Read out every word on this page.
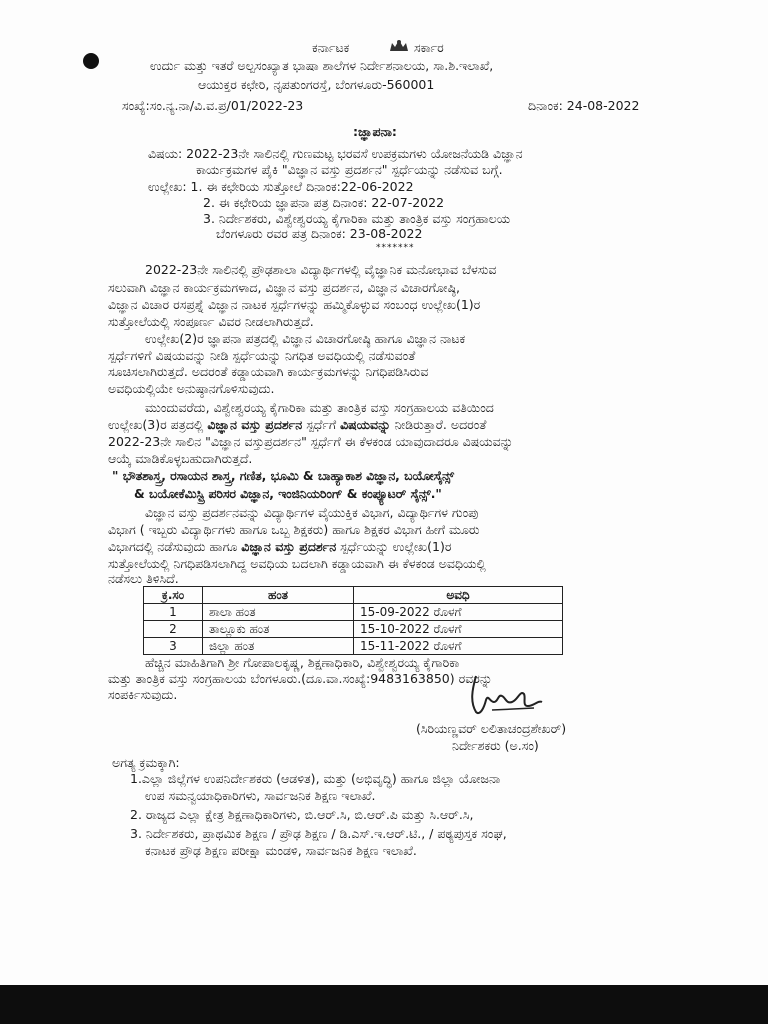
ಕರ್ನಾಟಕ	ಸರ್ಕಾರ
ಉರ್ದು ಮತ್ತು ಇತರೆ ಅಲ್ಪಸಂಖ್ಯಾತ ಭಾಷಾ ಶಾಲೆಗಳ ನಿರ್ದೇಶನಾಲಯ, ಸಾ.ಶಿ.ಇಲಾಖೆ,
ಆಯುಕ್ತರ ಕಛೇರಿ, ನೃಪತುಂಗರಸ್ತೆ, ಬೆಂಗಳೂರು-560001
ಸಂಖ್ಯೆ:ಸಂ.ನ್ಯ.ನಾ/ವಿ.ವ.ಪ್ರ/01/2022-23	ದಿನಾಂಕ: 24-08-2022
:ಜ್ಞಾಪನಾ:
ವಿಷಯ: 2022-23ನೇ ಸಾಲಿನಲ್ಲಿ ಗುಣಮಟ್ಟ ಭರವಸೆ ಉಪಕ್ರಮಗಳು ಯೋಜನೆಯಡಿ ವಿಜ್ಞಾನ
ಕಾರ್ಯಕ್ರಮಗಳ ಪೈಕಿ "ವಿಜ್ಞಾನ ವಸ್ತು ಪ್ರದರ್ಶನ" ಸ್ಪರ್ಧೆಯನ್ನು ನಡೆಸುವ ಬಗ್ಗೆ.
ಉಲ್ಲೇಖ: 1. ಈ ಕಛೇರಿಯ ಸುತ್ತೋಲೆ ದಿನಾಂಕ:22-06-2022
2. ಈ ಕಛೇರಿಯ ಜ್ಞಾಪನಾ ಪತ್ರ ದಿನಾಂಕ: 22-07-2022
3. ನಿರ್ದೇಶಕರು, ವಿಶ್ವೇಶ್ವರಯ್ಯ ಕೈಗಾರಿಕಾ ಮತ್ತು ತಾಂತ್ರಿಕ ವಸ್ತು ಸಂಗ್ರಹಾಲಯ
ಬೆಂಗಳೂರು ರವರ ಪತ್ರ ದಿನಾಂಕ: 23-08-2022
*******
2022-23ನೇ ಸಾಲಿನಲ್ಲಿ ಪ್ರೌಢಶಾಲಾ ವಿದ್ಯಾರ್ಥಿಗಳಲ್ಲಿ ವೈಜ್ಞಾನಿಕ ಮನೋಭಾವ ಬೆಳಸುವ
ಸಲುವಾಗಿ ವಿಜ್ಞಾನ ಕಾರ್ಯಕ್ರಮಗಳಾದ, ವಿಜ್ಞಾನ ವಸ್ತು ಪ್ರದರ್ಶನ, ವಿಜ್ಞಾನ ವಿಚಾರಗೋಷ್ಠಿ,
ವಿಜ್ಞಾನ ವಿಚಾರ ರಸಪ್ರಶ್ನೆ ವಿಜ್ಞಾನ ನಾಟಕ ಸ್ಪರ್ಧೆಗಳನ್ನು ಹಮ್ಮಿಕೊಳ್ಳುವ ಸಂಬಂಧ ಉಲ್ಲೇಖ(1)ರ
ಸುತ್ತೋಲೆಯಲ್ಲಿ ಸಂಪೂರ್ಣ ವಿವರ ನೀಡಲಾಗಿರುತ್ತದೆ.
ಉಲ್ಲೇಖ(2)ರ ಜ್ಞಾಪನಾ ಪತ್ರದಲ್ಲಿ ವಿಜ್ಞಾನ ವಿಚಾರಗೋಷ್ಠಿ ಹಾಗೂ ವಿಜ್ಞಾನ ನಾಟಕ
ಸ್ಪರ್ಧೆಗಳಿಗೆ ವಿಷಯವನ್ನು ನೀಡಿ ಸ್ಪರ್ಧೆಯನ್ನು ನಿಗಧಿತ ಅವಧಿಯಲ್ಲಿ ನಡೆಸುವಂತೆ
ಸೂಚಿಸಲಾಗಿರುತ್ತದೆ. ಅದರಂತೆ ಕಡ್ಡಾಯವಾಗಿ ಕಾರ್ಯಕ್ರಮಗಳನ್ನು ನಿಗಧಿಪಡಿಸಿರುವ
ಅವಧಿಯಲ್ಲಿಯೇ ಅನುಷ್ಠಾನಗೊಳಿಸುವುದು.
ಮುಂದುವರೆದು, ವಿಶ್ವೇಶ್ವರಯ್ಯ ಕೈಗಾರಿಕಾ ಮತ್ತು ತಾಂತ್ರಿಕ ವಸ್ತು ಸಂಗ್ರಹಾಲಯ ವತಿಯಿಂದ
ಉಲ್ಲೇಖ(3)ರ ಪತ್ರದಲ್ಲಿ ವಿಜ್ಞಾನ ವಸ್ತು ಪ್ರದರ್ಶನ ಸ್ಪರ್ಧೆಗೆ ವಿಷಯವನ್ನು ನೀಡಿರುತ್ತಾರೆ. ಅದರಂತೆ
2022-23ನೇ ಸಾಲಿನ "ವಿಜ್ಞಾನ ವಸ್ತುಪ್ರದರ್ಶನ" ಸ್ಪರ್ಧೆಗೆ ಈ ಕೆಳಕಂಡ ಯಾವುದಾದರೂ ವಿಷಯವನ್ನು
ಆಯ್ಕೆ ಮಾಡಿಕೊಳ್ಳಬಹುದಾಗಿರುತ್ತದೆ.
" ಭೌತಶಾಸ್ತ್ರ, ರಸಾಯನ ಶಾಸ್ತ್ರ, ಗಣಿತ, ಭೂಮಿ & ಬಾಹ್ಯಾಕಾಶ ವಿಜ್ಞಾನ, ಬಯೋಸೈನ್ಸ್
& ಬಯೋಕೆಮಿಸ್ಟ್ರಿ ಪರಿಸರ ವಿಜ್ಞಾನ, ಇಂಜಿನಿಯರಿಂಗ್ & ಕಂಪ್ಯೂಟರ್ ಸೈನ್ಸ್."
ವಿಜ್ಞಾನ ವಸ್ತು ಪ್ರದರ್ಶನವನ್ನು ವಿದ್ಯಾರ್ಥಿಗಳ ವೈಯುಕ್ತಿಕ ವಿಭಾಗ, ವಿದ್ಯಾರ್ಥಿಗಳ ಗುಂಪು
ವಿಭಾಗ ( ಇಬ್ಬರು ವಿದ್ಯಾರ್ಥಿಗಳು ಹಾಗೂ ಒಬ್ಬ ಶಿಕ್ಷಕರು) ಹಾಗೂ ಶಿಕ್ಷಕರ ವಿಭಾಗ ಹೀಗೆ ಮೂರು
ವಿಭಾಗದಲ್ಲಿ ನಡೆಸುವುದು ಹಾಗೂ ವಿಜ್ಞಾನ ವಸ್ತು ಪ್ರದರ್ಶನ ಸ್ಪರ್ಧೆಯನ್ನು ಉಲ್ಲೇಖ(1)ರ
ಸುತ್ತೋಲೆಯಲ್ಲಿ ನಿಗಧಿಪಡಿಸಲಾಗಿದ್ದ ಅವಧಿಯ ಬದಲಾಗಿ ಕಡ್ಡಾಯವಾಗಿ ಈ ಕೆಳಕಂಡ ಅವಧಿಯಲ್ಲಿ
ನಡೆಸಲು ತಿಳಿಸಿದೆ.
ಕ್ರ.ಸಂ	ಹಂತ	ಅವಧಿ
1	ಶಾಲಾ ಹಂತ	15-09-2022 ರೊಳಗೆ
2	ತಾಲ್ಲೂಕು ಹಂತ	15-10-2022 ರೊಳಗೆ
3	ಜಿಲ್ಲಾ ಹಂತ	15-11-2022 ರೊಳಗೆ
ಹೆಚ್ಚಿನ ಮಾಹಿತಿಗಾಗಿ ಶ್ರೀ ಗೋಪಾಲಕೃಷ್ಣ, ಶಿಕ್ಷಣಾಧಿಕಾರಿ, ವಿಶ್ವೇಶ್ವರಯ್ಯ ಕೈಗಾರಿಕಾ
ಮತ್ತು ತಾಂತ್ರಿಕ ವಸ್ತು ಸಂಗ್ರಹಾಲಯ ಬೆಂಗಳೂರು.(ದೂ.ವಾ.ಸಂಖ್ಯೆ:9483163850) ರವರನ್ನು
ಸಂಪರ್ಕಿಸುವುದು.
(ಸಿರಿಯಣ್ಣವರ್ ಲಲಿತಾಚಂದ್ರಶೇಖರ್)
ನಿರ್ದೇಶಕರು (ಅ.ಸಂ)
ಅಗತ್ಯ ಕ್ರಮಕ್ಕಾಗಿ:
1.ಎಲ್ಲಾ ಜಿಲ್ಲೆಗಳ ಉಪನಿರ್ದೇಶಕರು (ಆಡಳಿತ), ಮತ್ತು (ಅಭಿವೃದ್ಧಿ) ಹಾಗೂ ಜಿಲ್ಲಾ ಯೋಜನಾ
ಉಪ ಸಮನ್ವಯಾಧಿಕಾರಿಗಳು, ಸಾರ್ವಜನಿಕ ಶಿಕ್ಷಣ ಇಲಾಖೆ.
2. ರಾಜ್ಯದ ಎಲ್ಲಾ ಕ್ಷೇತ್ರ ಶಿಕ್ಷಣಾಧಿಕಾರಿಗಳು, ಬಿ.ಆರ್.ಸಿ, ಬಿ.ಆರ್.ಪಿ ಮತ್ತು ಸಿ.ಆರ್.ಸಿ,
3. ನಿರ್ದೇಶಕರು, ಪ್ರಾಥಮಿಕ ಶಿಕ್ಷಣ / ಪ್ರೌಢ ಶಿಕ್ಷಣ / ಡಿ.ಎಸ್.ಇ.ಆರ್.ಟಿ., / ಪಠ್ಯಪುಸ್ತಕ ಸಂಘ,
ಕನಾಟಕ ಪ್ರೌಢ ಶಿಕ್ಷಣ ಪರೀಕ್ಷಾ ಮಂಡಳಿ, ಸಾರ್ವಜನಿಕ ಶಿಕ್ಷಣ ಇಲಾಖೆ.
